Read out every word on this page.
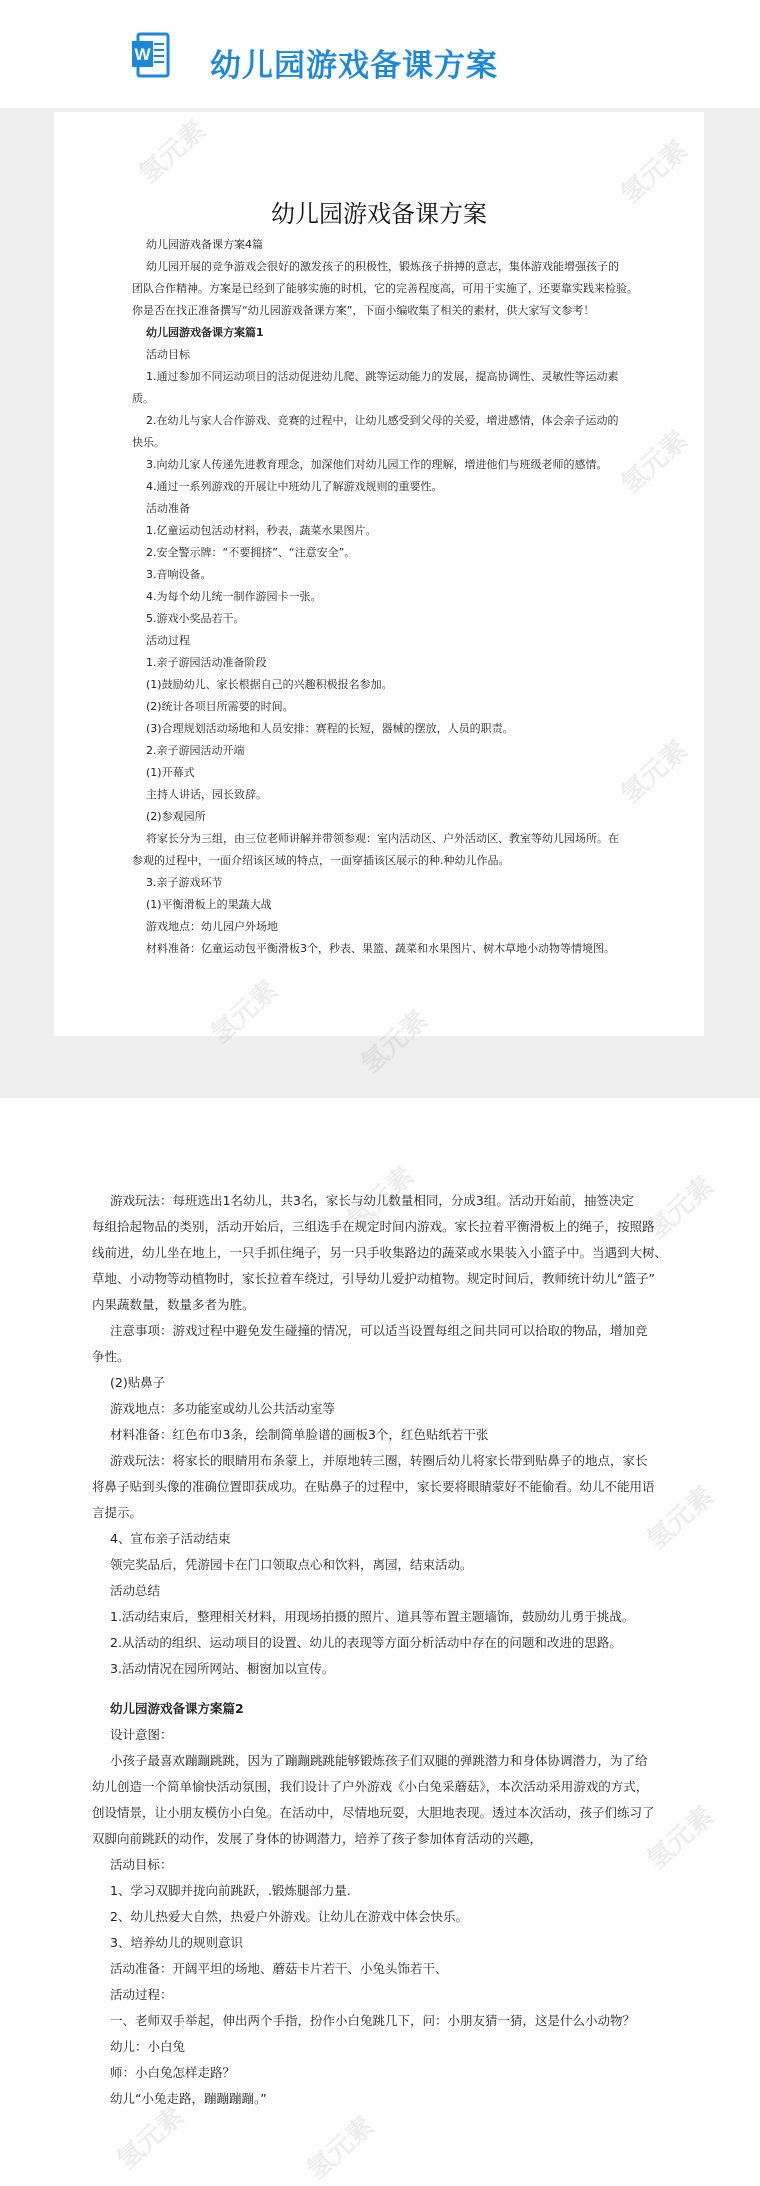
W 幼儿园游戏备课方案
氢元素	氢元素
氢元素
氢元素
氢元素	氢元素
幼儿园游戏备课方案

幼儿园游戏备课方案4篇

幼儿园开展的竞争游戏会很好的激发孩子的积极性，锻炼孩子拼搏的意志，集体游戏能增强孩子的

团队合作精神。方案是已经到了能够实施的时机，它的完善程度高，可用于实施了，还要靠实践来检验。

你是否在找正准备撰写“幼儿园游戏备课方案”，下面小编收集了相关的素材，供大家写文参考！

幼儿园游戏备课方案篇1

活动目标

1.通过参加不同运动项目的活动促进幼儿爬、跳等运动能力的发展，提高协调性、灵敏性等运动素

质。

2.在幼儿与家人合作游戏、竞赛的过程中，让幼儿感受到父母的关爱，增进感情，体会亲子运动的

快乐。

3.向幼儿家人传递先进教育理念，加深他们对幼儿园工作的理解，增进他们与班级老师的感情。

4.通过一系列游戏的开展让中班幼儿了解游戏规则的重要性。

活动准备

1.亿童运动包活动材料，秒表，蔬菜水果图片。

2.安全警示牌：“不要拥挤”、“注意安全”。

3.音响设备。

4.为每个幼儿统一制作游园卡一张。

5.游戏小奖品若干。

活动过程

1.亲子游园活动准备阶段

(1)鼓励幼儿、家长根据自己的兴趣积极报名参加。

(2)统计各项目所需要的时间。

(3)合理规划活动场地和人员安排：赛程的长短，器械的摆放，人员的职责。

2.亲子游园活动开端

(1)开幕式

主持人讲话，园长致辞。

(2)参观园所

将家长分为三组，由三位老师讲解并带领参观：室内活动区、户外活动区、教室等幼儿园场所。在

参观的过程中，一面介绍该区域的特点，一面穿插该区展示的种.种幼儿作品。

3.亲子游戏环节

(1)平衡滑板上的果蔬大战

游戏地点：幼儿园户外场地

材料准备：亿童运动包平衡滑板3个，秒表、果篮、蔬菜和水果图片、树木草地小动物等情境图。

氢元素	氢元素
氢元素
氢元素
氢元素	氢元素

游戏玩法：每班选出1名幼儿，共3名，家长与幼儿数量相同，分成3组。活动开始前，抽签决定

每组拾起物品的类别，活动开始后，三组选手在规定时间内游戏。家长拉着平衡滑板上的绳子，按照路

线前进，幼儿坐在地上，一只手抓住绳子，另一只手收集路边的蔬菜或水果装入小篮子中。当遇到大树、

草地、小动物等动植物时，家长拉着车绕过，引导幼儿爱护动植物。规定时间后，教师统计幼儿“篮子”

内果蔬数量，数量多者为胜。

注意事项：游戏过程中避免发生碰撞的情况，可以适当设置每组之间共同可以拾取的物品，增加竞

争性。

(2)贴鼻子

游戏地点：多功能室或幼儿公共活动室等

材料准备：红色布巾3条，绘制简单脸谱的画板3个，红色贴纸若干张

游戏玩法：将家长的眼睛用布条蒙上，并原地转三圈，转圈后幼儿将家长带到贴鼻子的地点，家长

将鼻子贴到头像的准确位置即获成功。在贴鼻子的过程中，家长要将眼睛蒙好不能偷看。幼儿不能用语

言提示。

4、宣布亲子活动结束

领完奖品后，凭游园卡在门口领取点心和饮料，离园，结束活动。

活动总结

1.活动结束后，整理相关材料，用现场拍摄的照片、道具等布置主题墙饰，鼓励幼儿勇于挑战。

2.从活动的组织、运动项目的设置、幼儿的表现等方面分析活动中存在的问题和改进的思路。

3.活动情况在园所网站、橱窗加以宣传。

幼儿园游戏备课方案篇2

设计意图：

小孩子最喜欢蹦蹦跳跳，因为了蹦蹦跳跳能够锻炼孩子们双腿的弹跳潜力和身体协调潜力，为了给

幼儿创造一个简单愉快活动氛围，我们设计了户外游戏《小白兔采蘑菇》，本次活动采用游戏的方式，

创设情景，让小朋友模仿小白兔。在活动中，尽情地玩耍，大胆地表现。透过本次活动，孩子们练习了

双脚向前跳跃的动作，发展了身体的协调潜力，培养了孩子参加体育活动的兴趣，

活动目标：

1、学习双脚并拢向前跳跃，.锻炼腿部力量.

2、幼儿热爱大自然，热爱户外游戏。让幼儿在游戏中体会快乐。

3、培养幼儿的规则意识

活动准备：开阔平坦的场地、蘑菇卡片若干、小兔头饰若干、

活动过程：

一、老师双手举起，伸出两个手指，扮作小白兔跳几下，问：小朋友猜一猜，这是什么小动物？

幼儿：小白兔

师：小白兔怎样走路？

幼儿“小兔走路，蹦蹦蹦蹦。”
